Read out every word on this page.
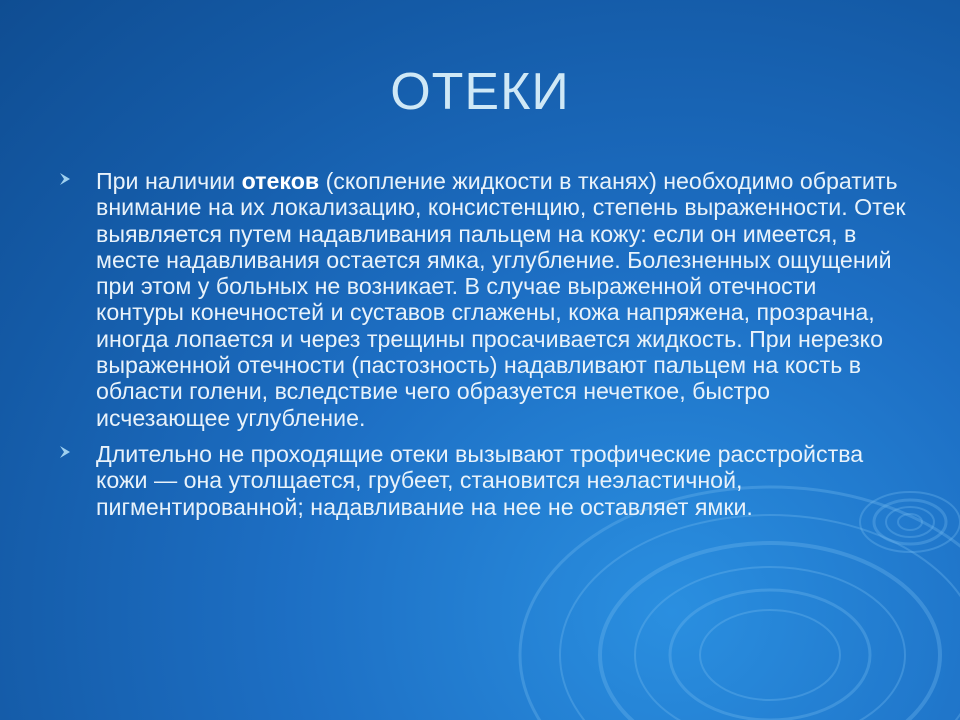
ОТЕКИ
При наличии отеков (скопление жидкости в тканях) необходимо обратить внимание на их локализацию, консистенцию, степень выраженности. Отек выявляется путем надавливания пальцем на кожу: если он имеется, в месте надавливания остается ямка, углубление. Болезненных ощущений при этом у больных не возникает. В случае выраженной отечности контуры конечностей и суставов сглажены, кожа напряжена, прозрачна, иногда лопается и через трещины просачивается жидкость. При нерезко выраженной отечности (пастозность) надавливают пальцем на кость в области голени, вследствие чего образуется нечеткое, быстро исчезающее углубление.
Длительно не проходящие отеки вызывают трофические расстройства кожи — она утолщается, грубеет, становится неэластичной, пигментированной; надавливание на нее не оставляет ямки.
